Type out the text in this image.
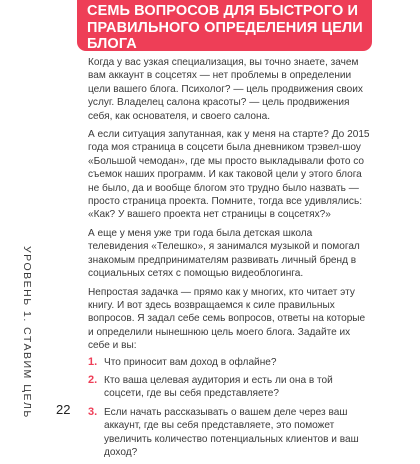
СЕМЬ ВОПРОСОВ ДЛЯ БЫСТРОГО И ПРАВИЛЬНОГО ОПРЕДЕЛЕНИЯ ЦЕЛИ БЛОГА
УРОВЕНЬ 1. СТАВИМ ЦЕЛЬ

Когда у вас узкая специализация, вы точно знаете, зачем вам аккаунт в соцсетях — нет проблемы в определении цели вашего блога. Психолог? — цель продвижения своих услуг. Владелец салона красоты? — цель продвижения себя, как основателя, и своего салона.

А если ситуация запутанная, как у меня на старте? До 2015 года моя страница в соцсети была дневником трэвел-шоу «Большой чемодан», где мы просто выкладывали фото со съемок наших программ. И как таковой цели у этого блога не было, да и вообще блогом это трудно было назвать — просто страница проекта. Помните, тогда все удивлялись: «Как? У вашего проекта нет страницы в соцсетях?»

А еще у меня уже три года была детская школа телевидения «Телешко», я занимался музыкой и помогал знакомым предпринимателям развивать личный бренд в социальных сетях с помощью видеоблогинга.

Непростая задачка — прямо как у многих, кто читает эту книгу. И вот здесь возвращаемся к силе правильных вопросов. Я задал себе семь вопросов, ответы на которые и определили нынешнюю цель моего блога. Задайте их себе и вы:

1. Что приносит вам доход в офлайне?
2. Кто ваша целевая аудитория и есть ли она в той соцсети, где вы себя представляете?
3. Если начать рассказывать о вашем деле через ваш аккаунт, где вы себя представляете, это поможет увеличить количество потенциальных клиентов и ваш доход?
22
